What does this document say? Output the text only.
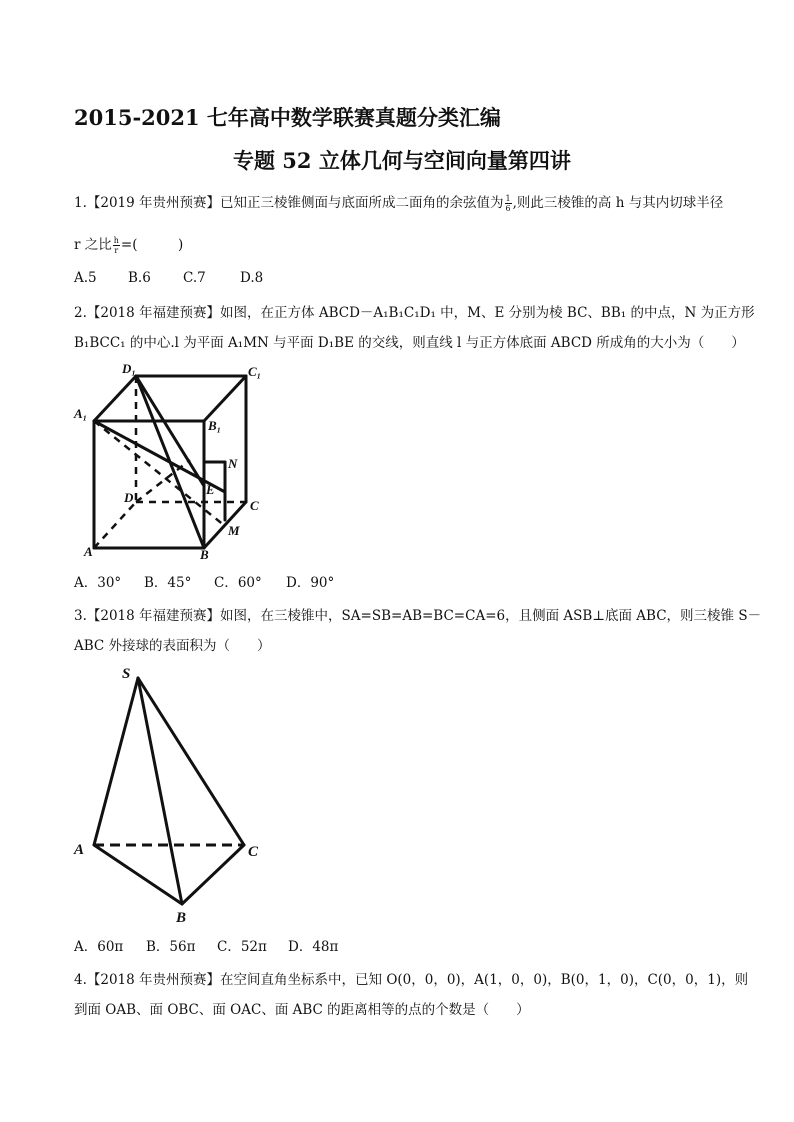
2015-2021 七年高中数学联赛真题分类汇编
专题 52 立体几何与空间向量第四讲
1.【2019 年贵州预赛】已知正三棱锥侧面与底面所成二面角的余弦值为 $\frac{1}{6}$ ,则此三棱锥的高 h 与其内切球半径
r 之比 $\frac{h}{r}$ =(　　　)
A.5 B.6 C.7	D.8
2.【2018 年福建预赛】如图，在正方体 ABCD－A₁B₁C₁D₁ 中，M、E 分别为棱 BC、BB₁ 的中点，N 为正方形
B₁BCC₁ 的中心.l 为平面 A₁MN 与平面 D₁BE 的交线，则直线 l 与正方体底面 ABCD 所成角的大小为（　　）
D₁	C₁
A₁
B₁
N
D
E
C
M
A	B
A．30° B．45° C．60° D．90°
3.【2018 年福建预赛】如图，在三棱锥中，SA=SB=AB=BC=CA=6，且侧面 ASB⊥底面 ABC，则三棱锥 S－
ABC 外接球的表面积为（　　）
S
A	C
B
A．60π B．56π C．52π D．48π
4.【2018 年贵州预赛】在空间直角坐标系中，已知 O(0，0，0)，A(1，0，0)，B(0，1，0)，C(0，0，1)，则
到面 OAB、面 OBC、面 OAC、面 ABC 的距离相等的点的个数是（　　）
